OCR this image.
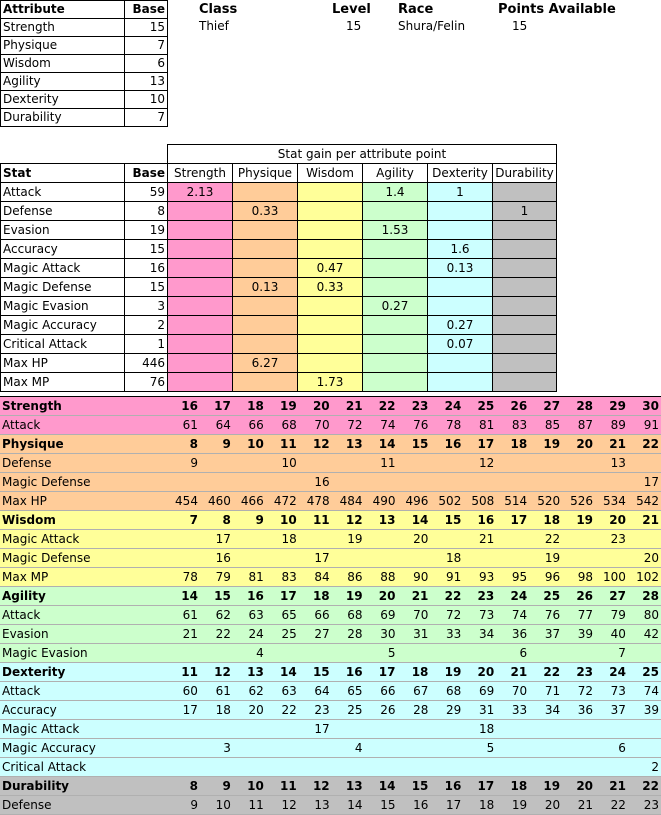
Attribute	Base
Strength	15
Physique	7
Wisdom	6
Agility	13
Dexterity	10
Durability	7
Class
Thief
Level
15
Race
Shura/Felin
Points Available
15
		Stat gain per attribute point					
Stat	Base	Strength	Physique	Wisdom	Agility	Dexterity	Durability
Attack	59	2.13			1.4	1	
Defense	8		0.33				1
Evasion	19				1.53		
Accuracy	15					1.6	
Magic Attack	16			0.47		0.13	
Magic Defense	15		0.13	0.33			
Magic Evasion	3				0.27		
Magic Accuracy	2					0.27	
Critical Attack	1					0.07	
Max HP	446		6.27				
Max MP	76			1.73			
Strength	16	17	18	19	20	21	22	23	24	25	26	27	28	29	30
Attack	61	64	66	68	70	72	74	76	78	81	83	85	87	89	91
Physique	8	9	10	11	12	13	14	15	16	17	18	19	20	21	22
Defense	9			10			11			12				13	
Magic Defense					16										17
Max HP	454	460	466	472	478	484	490	496	502	508	514	520	526	534	542
Wisdom	7	8	9	10	11	12	13	14	15	16	17	18	19	20	21
Magic Attack		17		18		19		20		21		22		23	
Magic Defense		16			17				18			19			20
Max MP	78	79	81	83	84	86	88	90	91	93	95	96	98	100	102
Agility	14	15	16	17	18	19	20	21	22	23	24	25	26	27	28
Attack	61	62	63	65	66	68	69	70	72	73	74	76	77	79	80
Evasion	21	22	24	25	27	28	30	31	33	34	36	37	39	40	42
Magic Evasion			4				5				6			7	
Dexterity	11	12	13	14	15	16	17	18	19	20	21	22	23	24	25
Attack	60	61	62	63	64	65	66	67	68	69	70	71	72	73	74
Accuracy	17	18	20	22	23	25	26	28	29	31	33	34	36	37	39
Magic Attack					17					18					
Magic Accuracy		3				4				5				6	
Critical Attack															2
Durability	8	9	10	11	12	13	14	15	16	17	18	19	20	21	22
Defense	9	10	11	12	13	14	15	16	17	18	19	20	21	22	23
